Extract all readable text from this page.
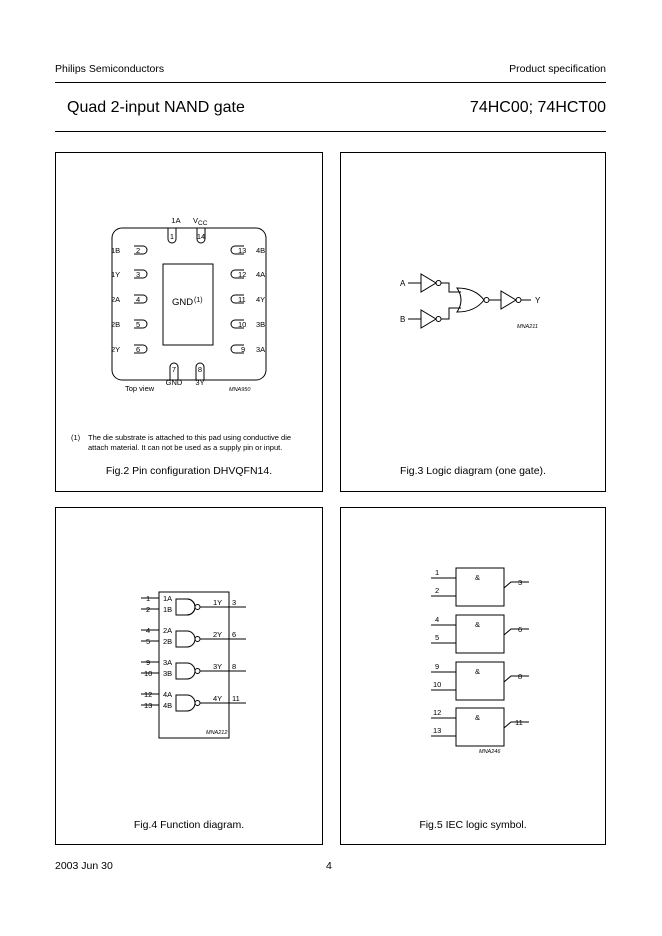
Philips Semiconductors	Product specification
Quad 2-input NAND gate	74HC00; 74HCT00
GND (1)
1	14
1A V CC
1B 2
1Y 3
2A 4
2B 5
2Y 6
13 4B
12 4A
11 4Y
10 3B
9 3A
7	8
GND 3Y
Top view	MNA950
(1) The die substrate is attached to this pad using conductive die
attach material. It can not be used as a supply pin or input.
Fig.2 Pin configuration DHVQFN14.
A
B
Y
MNA211
Fig.3 Logic diagram (one gate).
1
2
1A
1B
1Y 3
4
5
2A
2B
2Y 6
9
10
3A
3B
3Y 8
12
13
4A
4B
4Y 11
MNA212
Fig.4 Function diagram.
1
2
&
3
4
5
&
6
9
10
&
8
12
13
&
11
MNA246
Fig.5 IEC logic symbol.
2003 Jun 30	4
